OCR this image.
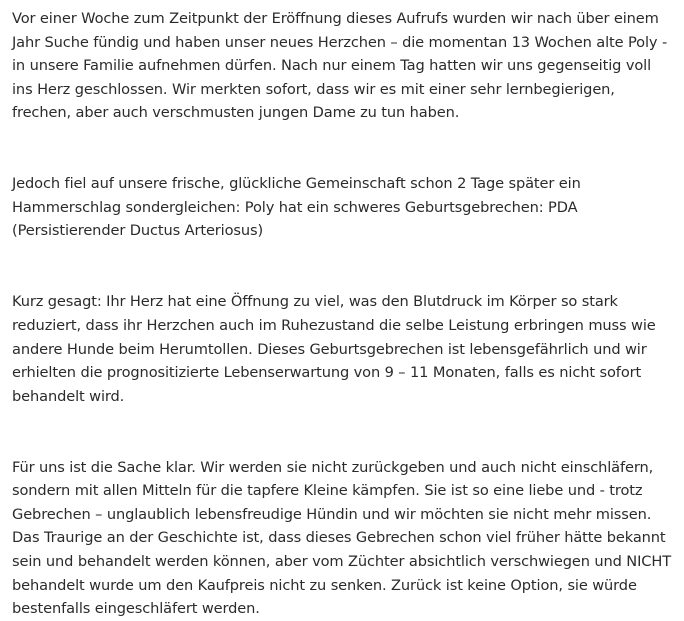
Vor einer Woche zum Zeitpunkt der Eröffnung dieses Aufrufs wurden wir nach über einem Jahr Suche fündig und haben unser neues Herzchen – die momentan 13 Wochen alte Poly - in unsere Familie aufnehmen dürfen. Nach nur einem Tag hatten wir uns gegenseitig voll ins Herz geschlossen. Wir merkten sofort, dass wir es mit einer sehr lernbegierigen, frechen, aber auch verschmusten jungen Dame zu tun haben.

Jedoch fiel auf unsere frische, glückliche Gemeinschaft schon 2 Tage später ein Hammerschlag sondergleichen: Poly hat ein schweres Geburtsgebrechen: PDA (Persistierender Ductus Arteriosus)

Kurz gesagt: Ihr Herz hat eine Öffnung zu viel, was den Blutdruck im Körper so stark reduziert, dass ihr Herzchen auch im Ruhezustand die selbe Leistung erbringen muss wie andere Hunde beim Herumtollen. Dieses Geburtsgebrechen ist lebensgefährlich und wir erhielten die prognositizierte Lebenserwartung von 9 – 11 Monaten, falls es nicht sofort behandelt wird.

Für uns ist die Sache klar. Wir werden sie nicht zurückgeben und auch nicht einschläfern, sondern mit allen Mitteln für die tapfere Kleine kämpfen. Sie ist so eine liebe und - trotz Gebrechen – unglaublich lebensfreudige Hündin und wir möchten sie nicht mehr missen. Das Traurige an der Geschichte ist, dass dieses Gebrechen schon viel früher hätte bekannt sein und behandelt werden können, aber vom Züchter absichtlich verschwiegen und NICHT behandelt wurde um den Kaufpreis nicht zu senken. Zurück ist keine Option, sie würde bestenfalls eingeschläfert werden.
